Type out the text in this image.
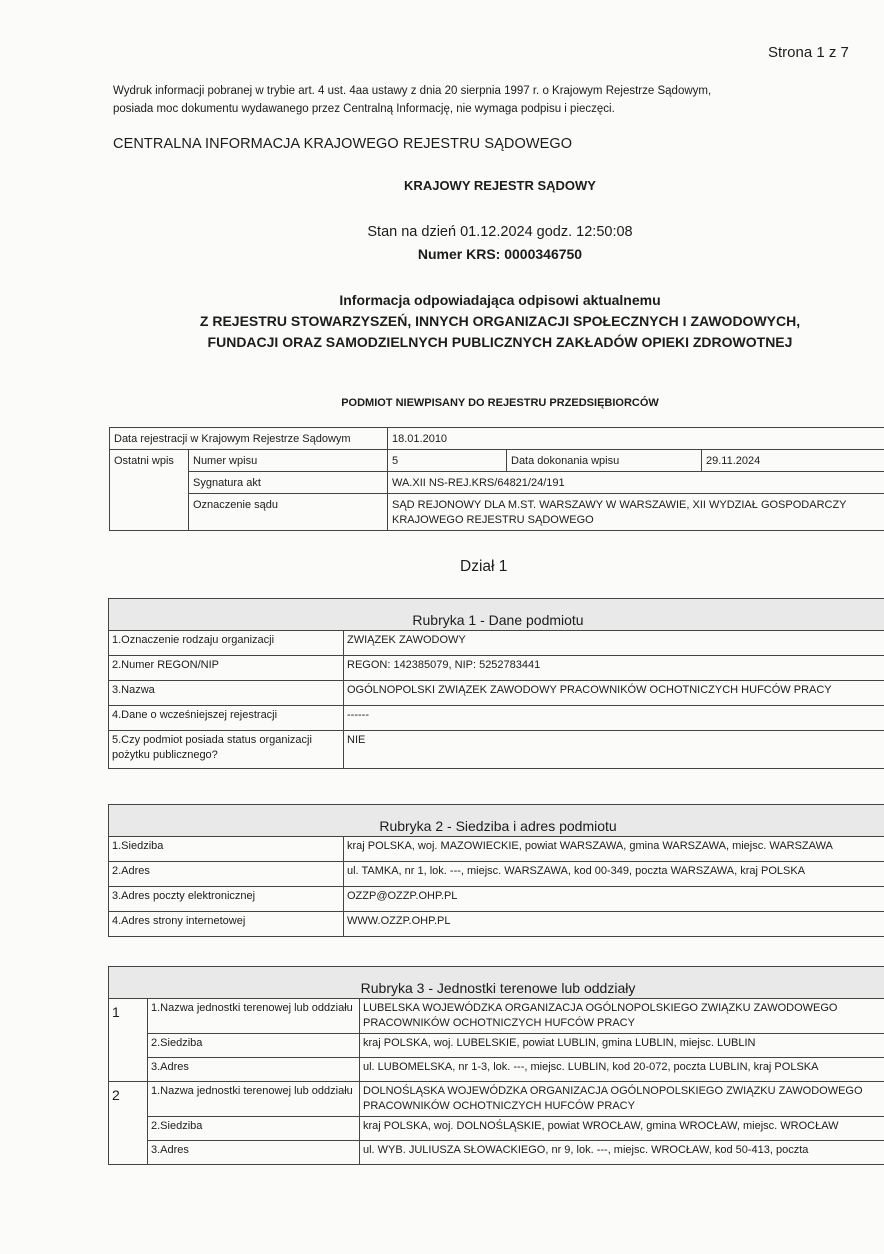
Strona 1 z 7
Wydruk informacji pobranej w trybie art. 4 ust. 4aa ustawy z dnia 20 sierpnia 1997 r. o Krajowym Rejestrze Sądowym,
posiada moc dokumentu wydawanego przez Centralną Informację, nie wymaga podpisu i pieczęci.
CENTRALNA INFORMACJA KRAJOWEGO REJESTRU SĄDOWEGO
KRAJOWY REJESTR SĄDOWY
Stan na dzień 01.12.2024 godz. 12:50:08
Numer KRS: 0000346750
Informacja odpowiadająca odpisowi aktualnemu
Z REJESTRU STOWARZYSZEŃ, INNYCH ORGANIZACJI SPOŁECZNYCH I ZAWODOWYCH,
FUNDACJI ORAZ SAMODZIELNYCH PUBLICZNYCH ZAKŁADÓW OPIEKI ZDROWOTNEJ
PODMIOT NIEWPISANY DO REJESTRU PRZEDSIĘBIORCÓW
Data rejestracji w Krajowym Rejestrze Sądowym		18.01.2010		
Ostatni wpis	Numer wpisu	5	Data dokonania wpisu	29.11.2024
	Sygnatura akt	WA.XII NS-REJ.KRS/64821/24/191		
	Oznaczenie sądu	SĄD REJONOWY DLA M.ST. WARSZAWY W WARSZAWIE, XII WYDZIAŁ GOSPODARCZY
KRAJOWEGO REJESTRU SĄDOWEGO		
Dział 1
Rubryka 1 - Dane podmiotu	
1.Oznaczenie rodzaju organizacji	ZWIĄZEK ZAWODOWY
2.Numer REGON/NIP	REGON: 142385079, NIP: 5252783441
3.Nazwa	OGÓLNOPOLSKI ZWIĄZEK ZAWODOWY PRACOWNIKÓW OCHOTNICZYCH HUFCÓW PRACY
4.Dane o wcześniejszej rejestracji	------
5.Czy podmiot posiada status organizacji pożytku publicznego?	NIE
Rubryka 2 - Siedziba i adres podmiotu	
1.Siedziba	kraj POLSKA, woj. MAZOWIECKIE, powiat WARSZAWA, gmina WARSZAWA, miejsc. WARSZAWA
2.Adres	ul. TAMKA, nr 1, lok. ---, miejsc. WARSZAWA, kod 00-349, poczta WARSZAWA, kraj POLSKA
3.Adres poczty elektronicznej	OZZP@OZZP.OHP.PL
4.Adres strony internetowej	WWW.OZZP.OHP.PL
Rubryka 3 - Jednostki terenowe lub oddziały		
1	1.Nazwa jednostki terenowej lub oddziału	LUBELSKA WOJEWÓDZKA ORGANIZACJA OGÓLNOPOLSKIEGO ZWIĄZKU ZAWODOWEGO PRACOWNIKÓW OCHOTNICZYCH HUFCÓW PRACY
	2.Siedziba	kraj POLSKA, woj. LUBELSKIE, powiat LUBLIN, gmina LUBLIN, miejsc. LUBLIN
	3.Adres	ul. LUBOMELSKA, nr 1-3, lok. ---, miejsc. LUBLIN, kod 20-072, poczta LUBLIN, kraj POLSKA
2	1.Nazwa jednostki terenowej lub oddziału	DOLNOŚLĄSKA WOJEWÓDZKA ORGANIZACJA OGÓLNOPOLSKIEGO ZWIĄZKU ZAWODOWEGO PRACOWNIKÓW OCHOTNICZYCH HUFCÓW PRACY
	2.Siedziba	kraj POLSKA, woj. DOLNOŚLĄSKIE, powiat WROCŁAW, gmina WROCŁAW, miejsc. WROCŁAW
	3.Adres	ul. WYB. JULIUSZA SŁOWACKIEGO, nr 9, lok. ---, miejsc. WROCŁAW, kod 50-413, poczta
